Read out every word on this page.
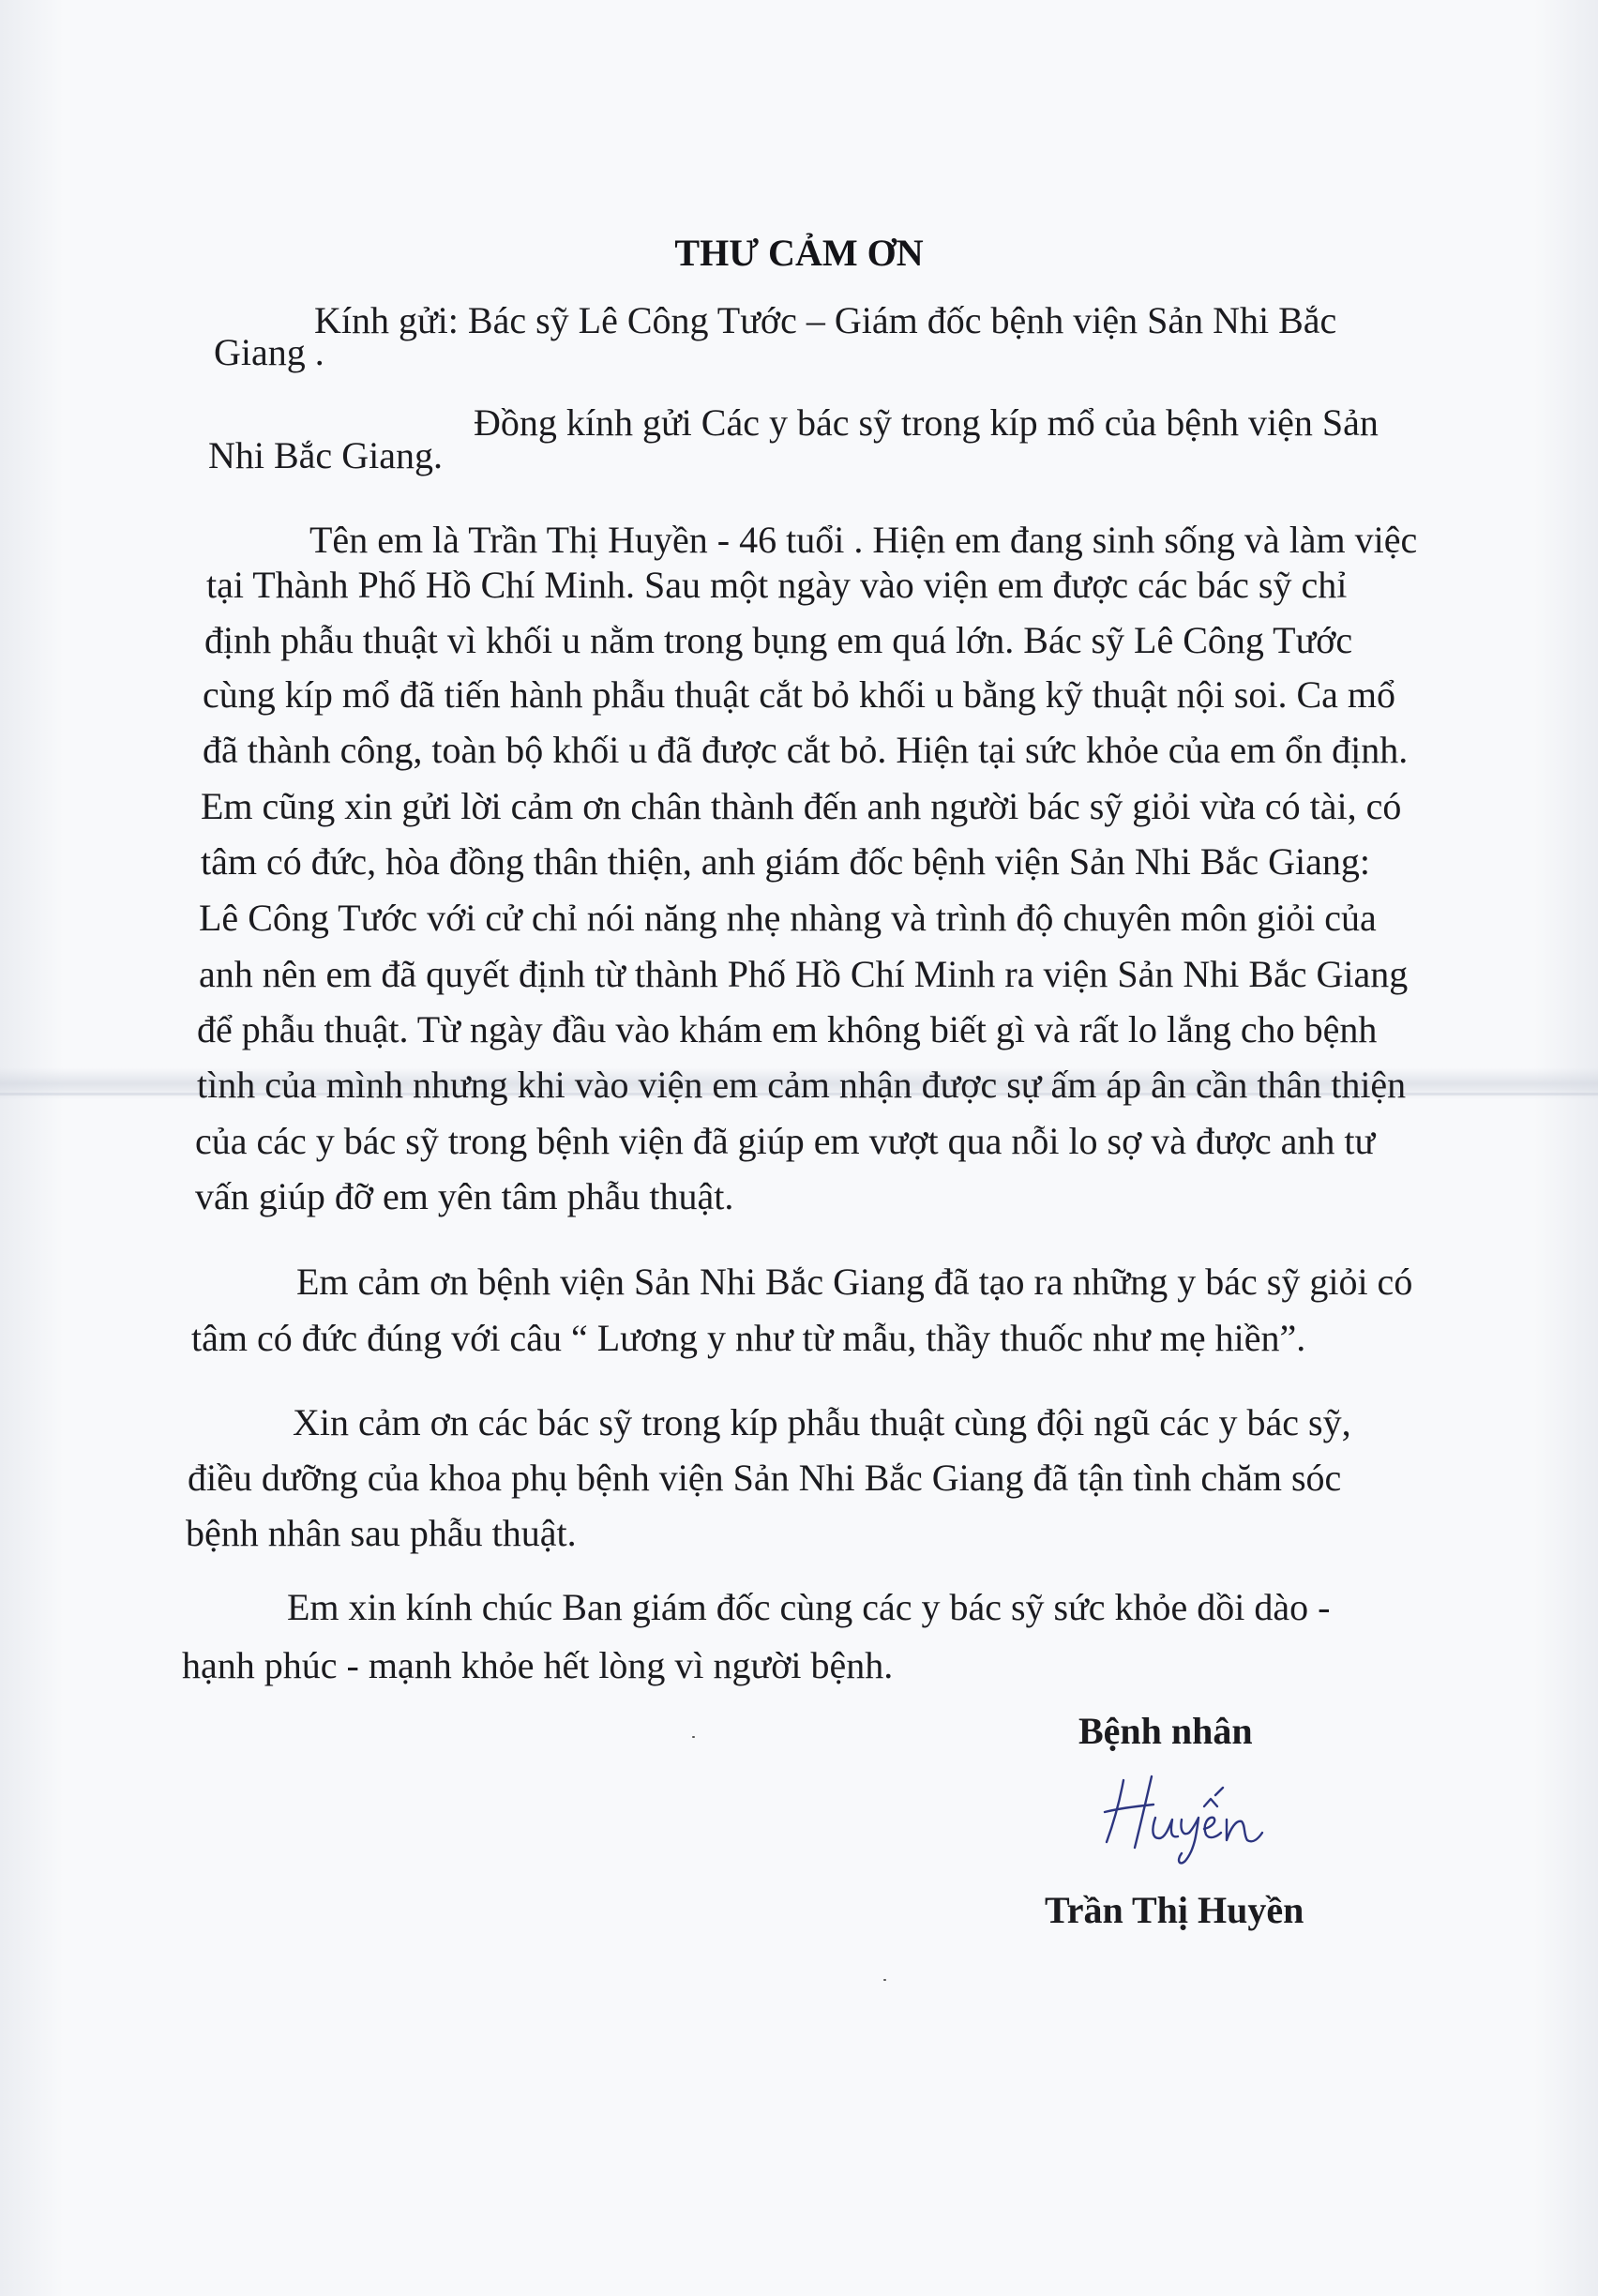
THƯ CẢM ƠN

Kính gửi: Bác sỹ Lê Công Tước – Giám đốc bệnh viện Sản Nhi Bắc

Giang .

Đồng kính gửi Các y bác sỹ trong kíp mổ của bệnh viện Sản

Nhi Bắc Giang.

Tên em là Trần Thị Huyền - 46 tuổi . Hiện em đang sinh sống và làm việc

tại Thành Phố Hồ Chí Minh. Sau một ngày vào viện em được các bác sỹ chỉ

định phẫu thuật vì khối u nằm trong bụng em quá lớn. Bác sỹ Lê Công Tước

cùng kíp mổ đã tiến hành phẫu thuật cắt bỏ khối u bằng kỹ thuật nội soi. Ca mổ

đã thành công, toàn bộ khối u đã được cắt bỏ. Hiện tại sức khỏe của em ổn định.

Em cũng xin gửi lời cảm ơn chân thành đến anh người bác sỹ giỏi vừa có tài, có

tâm có đức, hòa đồng thân thiện, anh giám đốc bệnh viện Sản Nhi Bắc Giang:

Lê Công Tước với cử chỉ nói năng nhẹ nhàng và trình độ chuyên môn giỏi của

anh nên em đã quyết định từ thành Phố Hồ Chí Minh ra viện Sản Nhi Bắc Giang

để phẫu thuật. Từ ngày đầu vào khám em không biết gì và rất lo lắng cho bệnh

tình của mình nhưng khi vào viện em cảm nhận được sự ấm áp ân cần thân thiện

của các y bác sỹ trong bệnh viện đã giúp em vượt qua nỗi lo sợ và được anh tư

vấn giúp đỡ em yên tâm phẫu thuật.

Em cảm ơn bệnh viện Sản Nhi Bắc Giang đã tạo ra những y bác sỹ giỏi có

tâm có đức đúng với câu “ Lương y như từ mẫu, thầy thuốc như mẹ hiền”.

Xin cảm ơn các bác sỹ trong kíp phẫu thuật cùng đội ngũ các y bác sỹ,

điều dưỡng của khoa phụ bệnh viện Sản Nhi Bắc Giang đã tận tình chăm sóc

bệnh nhân sau phẫu thuật.

Em xin kính chúc Ban giám đốc cùng các y bác sỹ sức khỏe dồi dào -

hạnh phúc - mạnh khỏe hết lòng vì người bệnh.

Bệnh nhân

Trần Thị Huyền
